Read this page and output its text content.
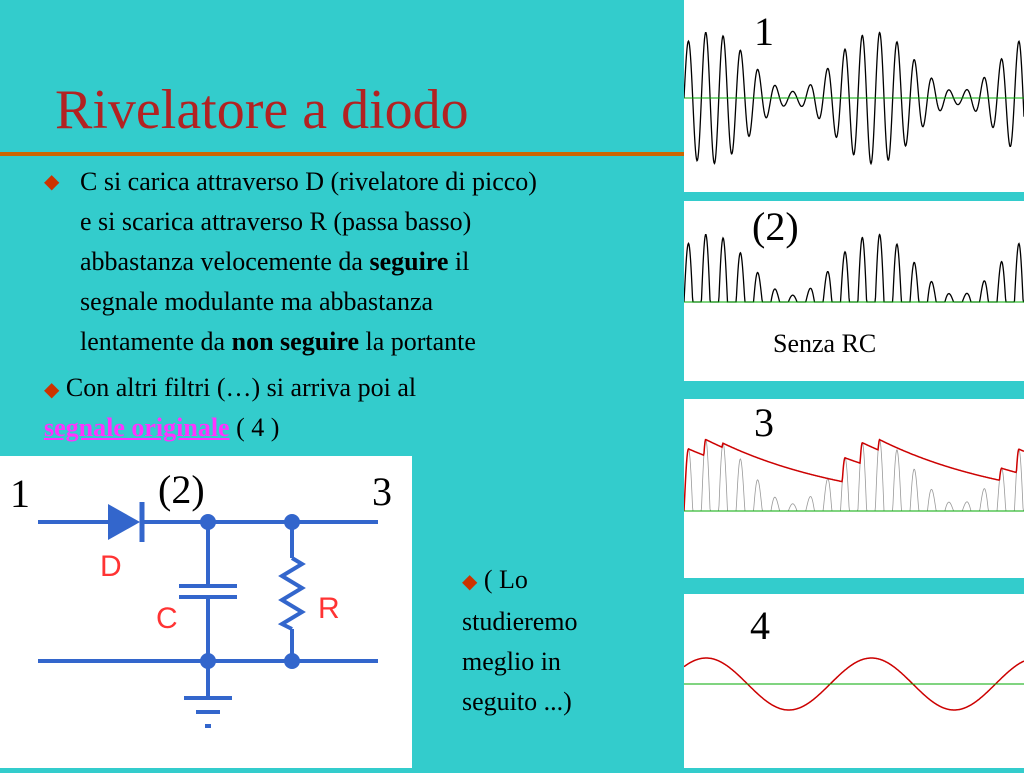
Rivelatore a diodo
◆ C si carica attraverso D (rivelatore di picco)
e si scarica attraverso R (passa basso)
abbastanza velocemente da seguire il
segnale modulante ma abbastanza
lentamente da non seguire la portante
◆ Con altri filtri (…) si arriva poi al
segnale originale ( 4 )
D
C	R
1	(2)	3
◆ ( Lo
studieremo
meglio in
seguito ...)
1
(2)
Senza RC
3
4
